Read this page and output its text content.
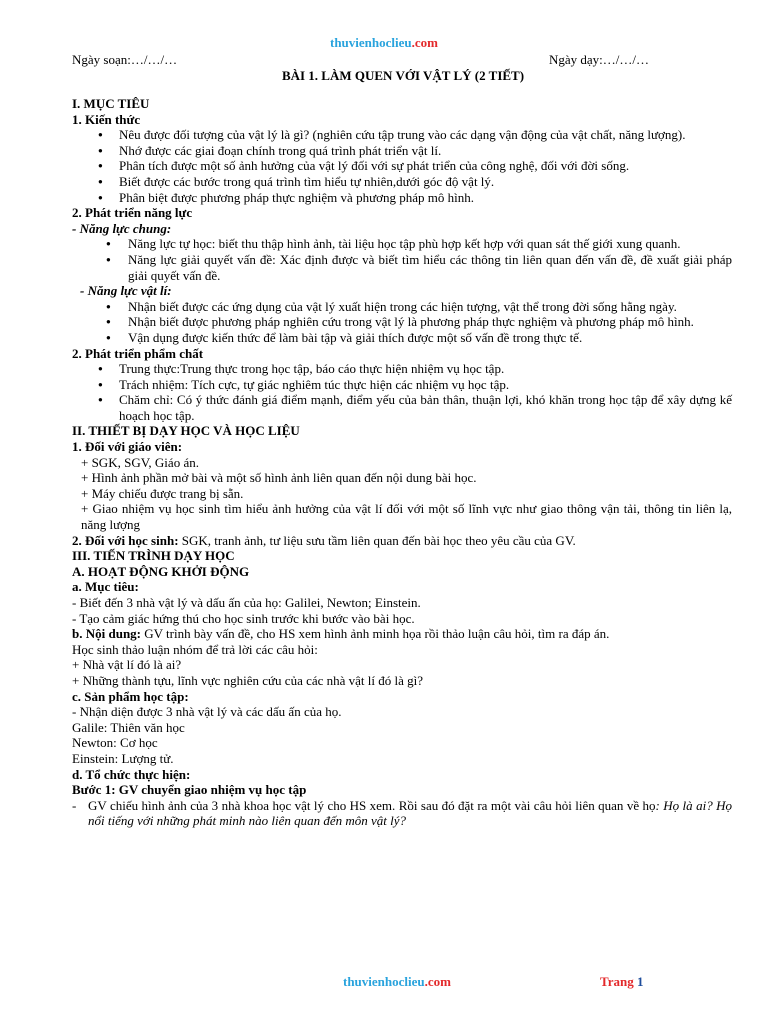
thuvienhoclieu.com
Ngày soạn:…/…/…	Ngày dạy:…/…/…
BÀI 1. LÀM QUEN VỚI VẬT LÝ (2 TIẾT)

I. MỤC TIÊU

1. Kiến thức

● Nêu được đối tượng của vật lý là gì? (nghiên cứu tập trung vào các dạng vận động của vật chất, năng lượng).
● Nhớ được các giai đoạn chính trong quá trình phát triển vật lí.
● Phân tích được một số ảnh hưởng của vật lý đối với sự phát triển của công nghệ, đối với đời sống.
● Biết được các bước trong quá trình tìm hiểu tự nhiên,dưới góc độ vật lý.
● Phân biệt được phương pháp thực nghiệm và phương pháp mô hình.

2. Phát triển năng lực

- Năng lực chung:

● Năng lực tự học: biết thu thập hình ảnh, tài liệu học tập phù hợp kết hợp với quan sát thế giới xung quanh.
● Năng lực giải quyết vấn đề: Xác định được và biết tìm hiểu các thông tin liên quan đến vấn đề, đề xuất giải pháp giải quyết vấn đề.

- Năng lực vật lí:

● Nhận biết được các ứng dụng của vật lý xuất hiện trong các hiện tượng, vật thể trong đời sống hằng ngày.
● Nhận biết được phương pháp nghiên cứu trong vật lý là phương pháp thực nghiệm và phương pháp mô hình.
● Vận dụng được kiến thức để làm bài tập và giải thích được một số vấn đề trong thực tế.

2. Phát triển phẩm chất

● Trung thực:Trung thực trong học tập, báo cáo thực hiện nhiệm vụ học tập.
● Trách nhiệm: Tích cực, tự giác nghiêm túc thực hiện các nhiệm vụ học tập.
● Chăm chỉ: Có ý thức đánh giá điểm mạnh, điểm yếu của bản thân, thuận lợi, khó khăn trong học tập để xây dựng kế hoạch học tập.

II. THIẾT BỊ DẠY HỌC VÀ HỌC LIỆU

1. Đối với giáo viên:

+ SGK, SGV, Giáo án.

+ Hình ảnh phần mở bài và một số hình ảnh liên quan đến nội dung bài học.

+ Máy chiếu được trang bị sẵn.

+ Giao nhiệm vụ học sinh tìm hiểu ảnh hưởng của vật lí đối với một số lĩnh vực như giao thông vận tải, thông tin liên lạ, năng lượng

2. Đối với học sinh: SGK, tranh ảnh, tư liệu sưu tầm liên quan đến bài học theo yêu cầu của GV.

III. TIẾN TRÌNH DẠY HỌC

A. HOẠT ĐỘNG KHỞI ĐỘNG

a. Mục tiêu:

- Biết đến 3 nhà vật lý và dấu ấn của họ: Galilei, Newton; Einstein.

- Tạo cảm giác hứng thú cho học sinh trước khi bước vào bài học.

b. Nội dung: GV trình bày vấn đề, cho HS xem hình ảnh minh họa rồi thảo luận câu hỏi, tìm ra đáp án.

Học sinh thảo luận nhóm để trả lời các câu hỏi:

+ Nhà vật lí đó là ai?

+ Những thành tựu, lĩnh vực nghiên cứu của các nhà vật lí đó là gì?

c. Sản phẩm học tập:

- Nhận diện được 3 nhà vật lý và các dấu ấn của họ.

Galile: Thiên văn học

Newton: Cơ học

Einstein: Lượng tử.

d. Tổ chức thực hiện:

Bước 1: GV chuyển giao nhiệm vụ học tập

- GV chiếu hình ảnh của 3 nhà khoa học vật lý cho HS xem. Rồi sau đó đặt ra một vài câu hỏi liên quan về họ: Họ là ai? Họ nổi tiếng với những phát minh nào liên quan đến môn vật lý?

thuvienhoclieu.com	Trang 1
